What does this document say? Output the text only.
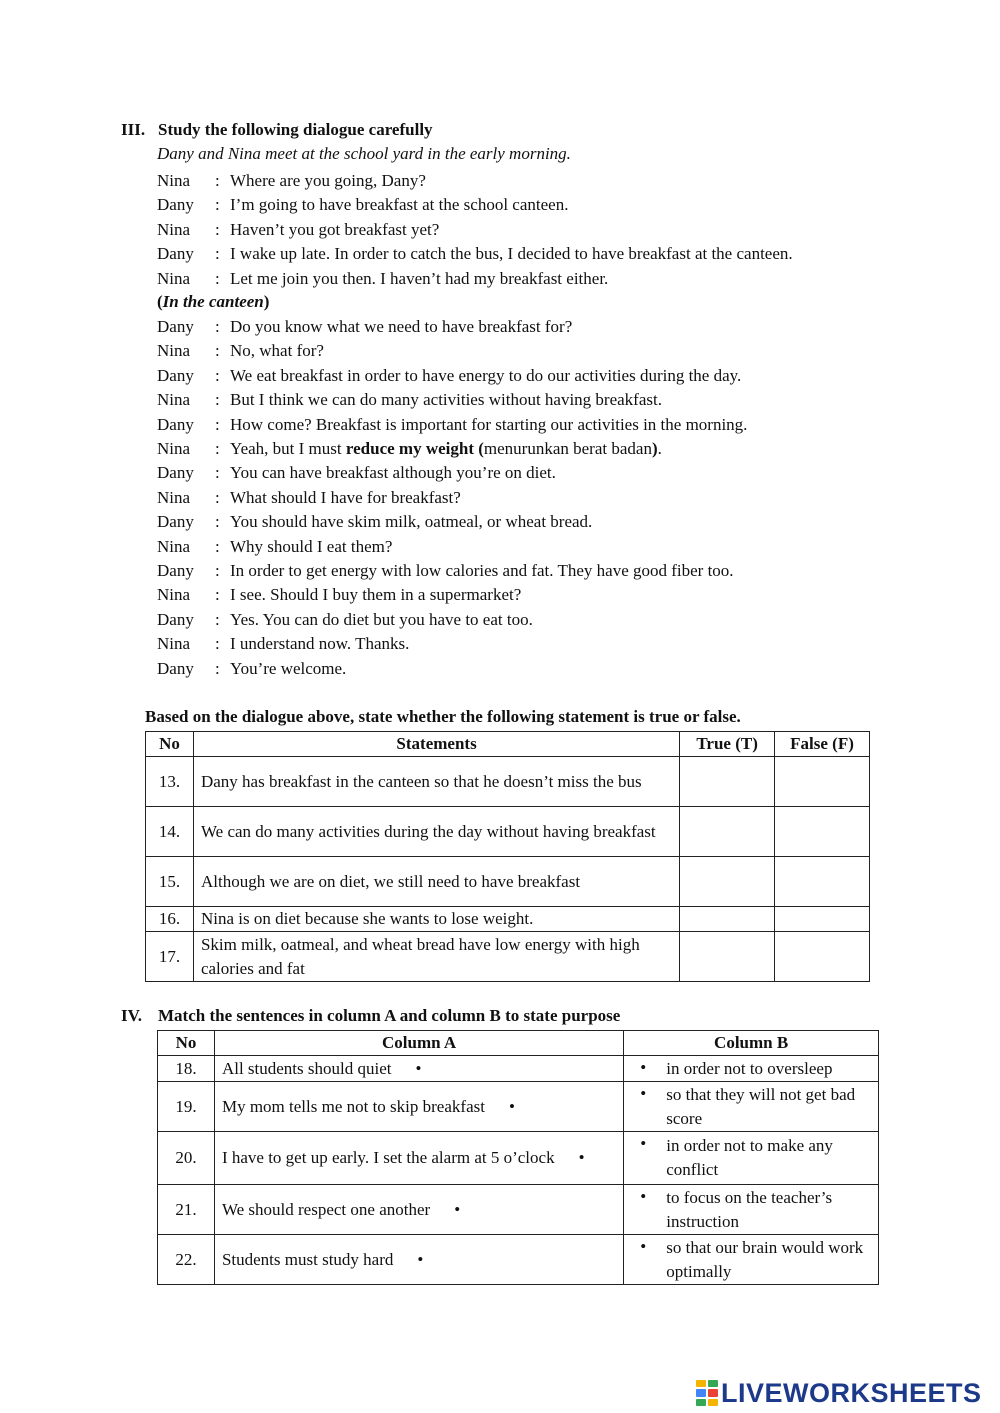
III. Study the following dialogue carefully
Dany and Nina meet at the school yard in the early morning.
Nina : Where are you going, Dany?
Dany : I’m going to have breakfast at the school canteen.
Nina : Haven’t you got breakfast yet?
Dany : I wake up late. In order to catch the bus, I decided to have breakfast at the canteen.
Nina : Let me join you then. I haven’t had my breakfast either.
(In the canteen)
Dany : Do you know what we need to have breakfast for?
Nina : No, what for?
Dany : We eat breakfast in order to have energy to do our activities during the day.
Nina : But I think we can do many activities without having breakfast.
Dany : How come? Breakfast is important for starting our activities in the morning.
Nina : Yeah, but I must reduce my weight (menurunkan berat badan).
Dany : You can have breakfast although you’re on diet.
Nina : What should I have for breakfast?
Dany : You should have skim milk, oatmeal, or wheat bread.
Nina : Why should I eat them?
Dany : In order to get energy with low calories and fat. They have good fiber too.
Nina : I see. Should I buy them in a supermarket?
Dany : Yes. You can do diet but you have to eat too.
Nina : I understand now. Thanks.
Dany : You’re welcome.
Based on the dialogue above, state whether the following statement is true or false.
No	Statements	True (T)	False (F)
13.	Dany has breakfast in the canteen so that he doesn’t miss the bus		
14.	We can do many activities during the day without having breakfast		
15.	Although we are on diet, we still need to have breakfast		
16.	Nina is on diet because she wants to lose weight.		
17.	Skim milk, oatmeal, and wheat bread have low energy with high calories and fat		
IV. Match the sentences in column A and column B to state purpose
No	Column A	Column B
18.	All students should quiet •	• in order not to oversleep
19.	My mom tells me not to skip breakfast •	• so that they will not get bad score
20.	I have to get up early. I set the alarm at 5 o’clock •	• in order not to make any conflict
21.	We should respect one another •	• to focus on the teacher’s instruction
22.	Students must study hard •	• so that our brain would work optimally
LIVEWORKSHEETS
